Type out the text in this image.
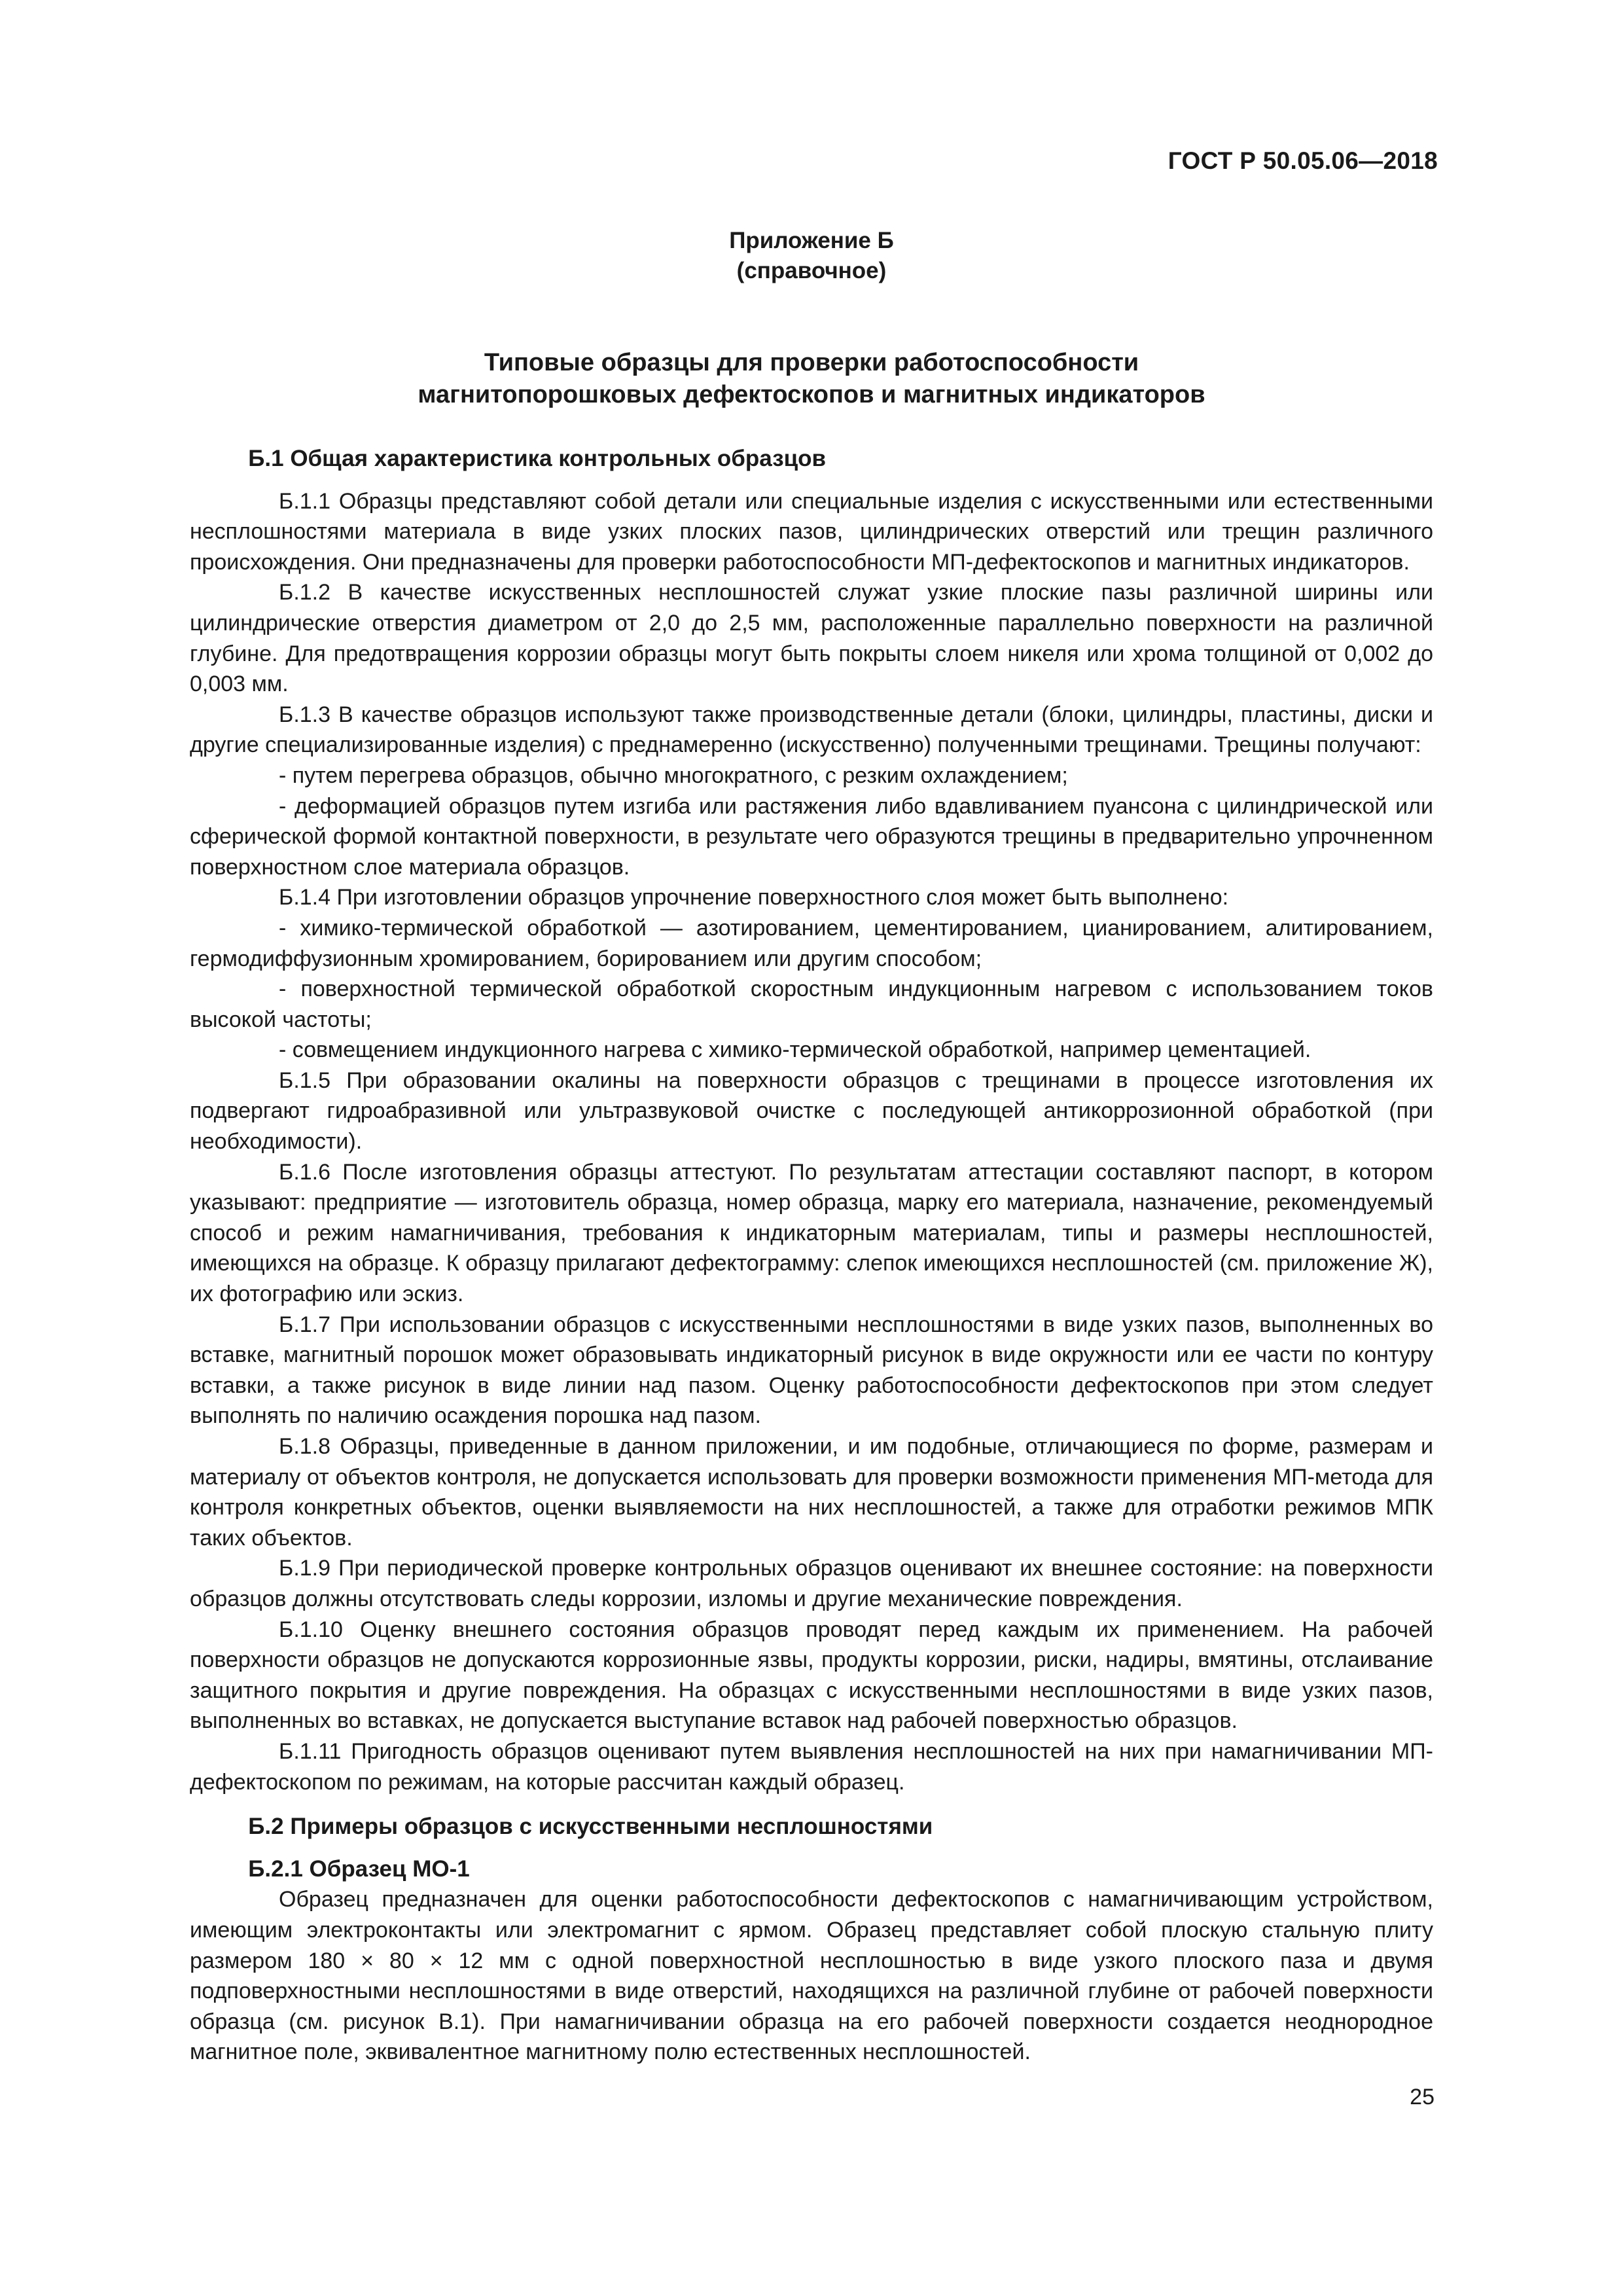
ГОСТ Р 50.05.06—2018
Приложение Б
(справочное)
Типовые образцы для проверки работоспособности
магнитопорошковых дефектоскопов и магнитных индикаторов
Б.1 Общая характеристика контрольных образцов

Б.1.1 Образцы представляют собой детали или специальные изделия с искусственными или естественными несплошностями материала в виде узких плоских пазов, цилиндрических отверстий или трещин различного происхождения. Они предназначены для проверки работоспособности МП-дефектоскопов и магнитных индикаторов.

Б.1.2 В качестве искусственных несплошностей служат узкие плоские пазы различной ширины или цилиндрические отверстия диаметром от 2,0 до 2,5 мм, расположенные параллельно поверхности на различной глубине. Для предотвращения коррозии образцы могут быть покрыты слоем никеля или хрома толщиной от 0,002 до 0,003 мм.

Б.1.3 В качестве образцов используют также производственные детали (блоки, цилиндры, пластины, диски и другие специализированные изделия) с преднамеренно (искусственно) полученными трещинами. Трещины получают:

- путем перегрева образцов, обычно многократного, с резким охлаждением;

- деформацией образцов путем изгиба или растяжения либо вдавливанием пуансона с цилиндрической или сферической формой контактной поверхности, в результате чего образуются трещины в предварительно упрочненном поверхностном слое материала образцов.

Б.1.4 При изготовлении образцов упрочнение поверхностного слоя может быть выполнено:

- химико-термической обработкой — азотированием, цементированием, цианированием, алитированием, гермодиффузионным хромированием, борированием или другим способом;

- поверхностной термической обработкой скоростным индукционным нагревом с использованием токов высокой частоты;

- совмещением индукционного нагрева с химико-термической обработкой, например цементацией.

Б.1.5 При образовании окалины на поверхности образцов с трещинами в процессе изготовления их подвергают гидроабразивной или ультразвуковой очистке с последующей антикоррозионной обработкой (при необходимости).

Б.1.6 После изготовления образцы аттестуют. По результатам аттестации составляют паспорт, в котором указывают: предприятие — изготовитель образца, номер образца, марку его материала, назначение, рекомендуемый способ и режим намагничивания, требования к индикаторным материалам, типы и размеры несплошностей, имеющихся на образце. К образцу прилагают дефектограмму: слепок имеющихся несплошностей (см. приложение Ж), их фотографию или эскиз.

Б.1.7 При использовании образцов с искусственными несплошностями в виде узких пазов, выполненных во вставке, магнитный порошок может образовывать индикаторный рисунок в виде окружности или ее части по контуру вставки, а также рисунок в виде линии над пазом. Оценку работоспособности дефектоскопов при этом следует выполнять по наличию осаждения порошка над пазом.

Б.1.8 Образцы, приведенные в данном приложении, и им подобные, отличающиеся по форме, размерам и материалу от объектов контроля, не допускается использовать для проверки возможности применения МП-метода для контроля конкретных объектов, оценки выявляемости на них несплошностей, а также для отработки режимов МПК таких объектов.

Б.1.9 При периодической проверке контрольных образцов оценивают их внешнее состояние: на поверхности образцов должны отсутствовать следы коррозии, изломы и другие механические повреждения.

Б.1.10 Оценку внешнего состояния образцов проводят перед каждым их применением. На рабочей поверхности образцов не допускаются коррозионные язвы, продукты коррозии, риски, надиры, вмятины, отслаивание защитного покрытия и другие повреждения. На образцах с искусственными несплошностями в виде узких пазов, выполненных во вставках, не допускается выступание вставок над рабочей поверхностью образцов.

Б.1.11 Пригодность образцов оценивают путем выявления несплошностей на них при намагничивании МП-дефектоскопом по режимам, на которые рассчитан каждый образец.

Б.2 Примеры образцов с искусственными несплошностями
Б.2.1 Образец МО-1

Образец предназначен для оценки работоспособности дефектоскопов с намагничивающим устройством, имеющим электроконтакты или электромагнит с ярмом. Образец представляет собой плоскую стальную плиту размером 180 × 80 × 12 мм с одной поверхностной несплошностью в виде узкого плоского паза и двумя подповерхностными несплошностями в виде отверстий, находящихся на различной глубине от рабочей поверхности образца (см. рисунок В.1). При намагничивании образца на его рабочей поверхности создается неоднородное магнитное поле, эквивалентное магнитному полю естественных несплошностей.

25
